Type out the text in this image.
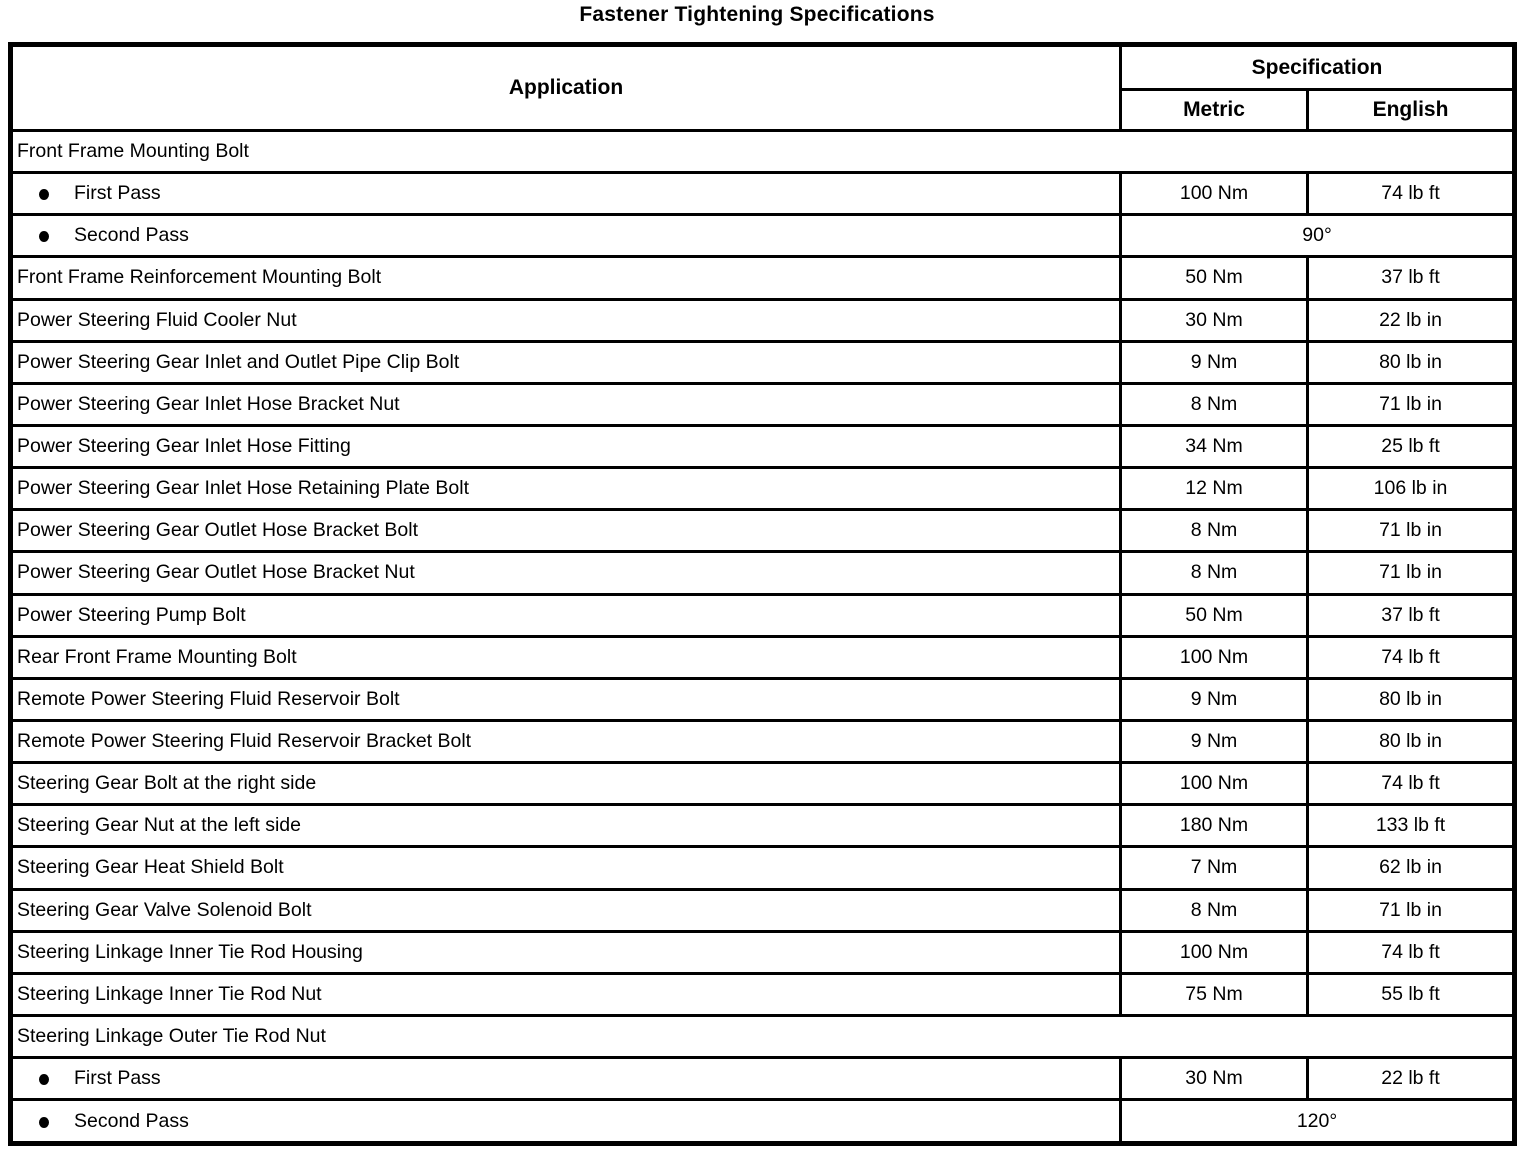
Fastener Tightening Specifications
Application	Specification	
	Metric	English
Front Frame Mounting Bolt		
First Pass	100 Nm	74 lb ft
Second Pass	90°	
Front Frame Reinforcement Mounting Bolt	50 Nm	37 lb ft
Power Steering Fluid Cooler Nut	30 Nm	22 lb in
Power Steering Gear Inlet and Outlet Pipe Clip Bolt	9 Nm	80 lb in
Power Steering Gear Inlet Hose Bracket Nut	8 Nm	71 lb in
Power Steering Gear Inlet Hose Fitting	34 Nm	25 lb ft
Power Steering Gear Inlet Hose Retaining Plate Bolt	12 Nm	106 lb in
Power Steering Gear Outlet Hose Bracket Bolt	8 Nm	71 lb in
Power Steering Gear Outlet Hose Bracket Nut	8 Nm	71 lb in
Power Steering Pump Bolt	50 Nm	37 lb ft
Rear Front Frame Mounting Bolt	100 Nm	74 lb ft
Remote Power Steering Fluid Reservoir Bolt	9 Nm	80 lb in
Remote Power Steering Fluid Reservoir Bracket Bolt	9 Nm	80 lb in
Steering Gear Bolt at the right side	100 Nm	74 lb ft
Steering Gear Nut at the left side	180 Nm	133 lb ft
Steering Gear Heat Shield Bolt	7 Nm	62 lb in
Steering Gear Valve Solenoid Bolt	8 Nm	71 lb in
Steering Linkage Inner Tie Rod Housing	100 Nm	74 lb ft
Steering Linkage Inner Tie Rod Nut	75 Nm	55 lb ft
Steering Linkage Outer Tie Rod Nut		
First Pass	30 Nm	22 lb ft
Second Pass	120°	
